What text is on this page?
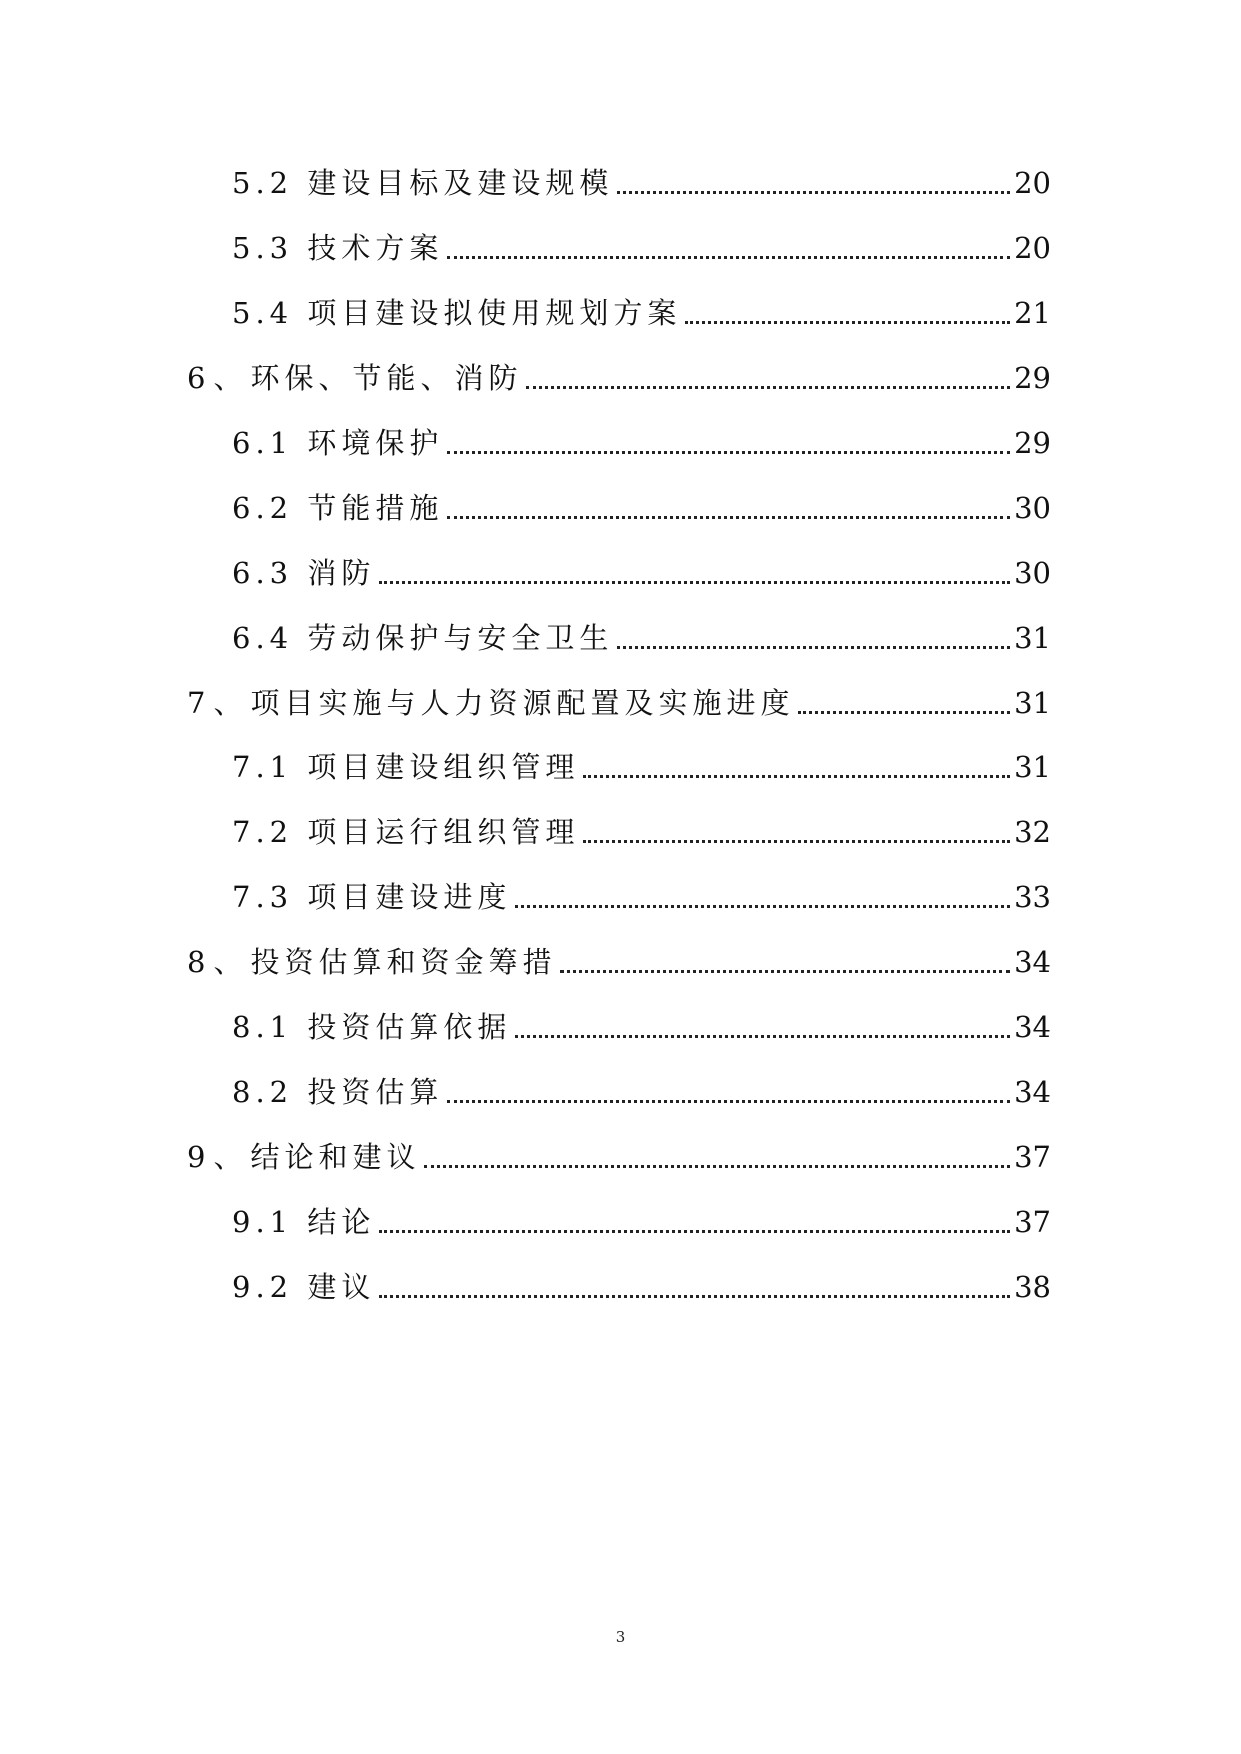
5.2 建设目标及建设规模	20
5.3 技术方案	20
5.4 项目建设拟使用规划方案	21
6、环保、节能、消防	29
6.1 环境保护	29
6.2 节能措施	30
6.3 消防	30
6.4 劳动保护与安全卫生	31
7、项目实施与人力资源配置及实施进度	31
7.1 项目建设组织管理	31
7.2 项目运行组织管理	32
7.3 项目建设进度	33
8、投资估算和资金筹措	34
8.1 投资估算依据	34
8.2 投资估算	34
9、结论和建议	37
9.1 结论	37
9.2 建议	38
3
